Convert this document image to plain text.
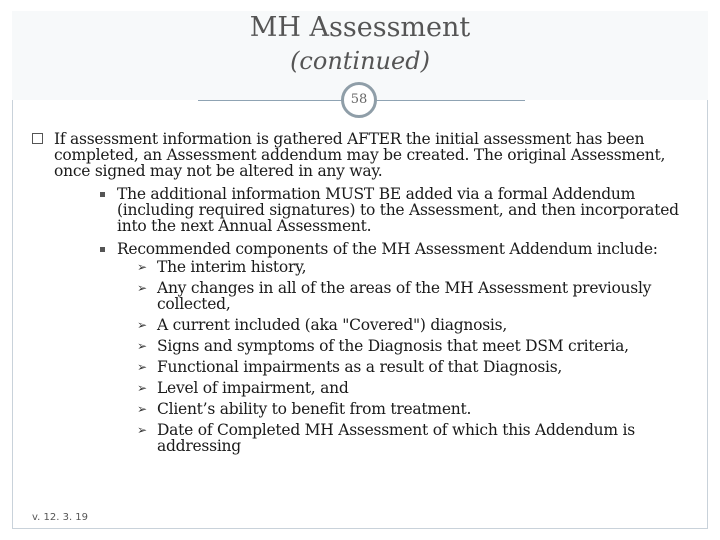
MH Assessment
(continued)
58
If assessment information is gathered AFTER the initial assessment has been completed, an Assessment addendum may be created. The original Assessment, once signed may not be altered in any way.
The additional information MUST BE added via a formal Addendum (including required signatures) to the Assessment, and then incorporated into the next Annual Assessment.
Recommended components of the MH Assessment Addendum include:
➢ The interim history,
➢ Any changes in all of the areas of the MH Assessment previously collected,
➢ A current included (aka "Covered") diagnosis,
➢ Signs and symptoms of the Diagnosis that meet DSM criteria,
➢ Functional impairments as a result of that Diagnosis,
➢ Level of impairment, and
➢ Client’s ability to benefit from treatment.
➢ Date of Completed MH Assessment of which this Addendum is addressing
v. 12. 3. 19
